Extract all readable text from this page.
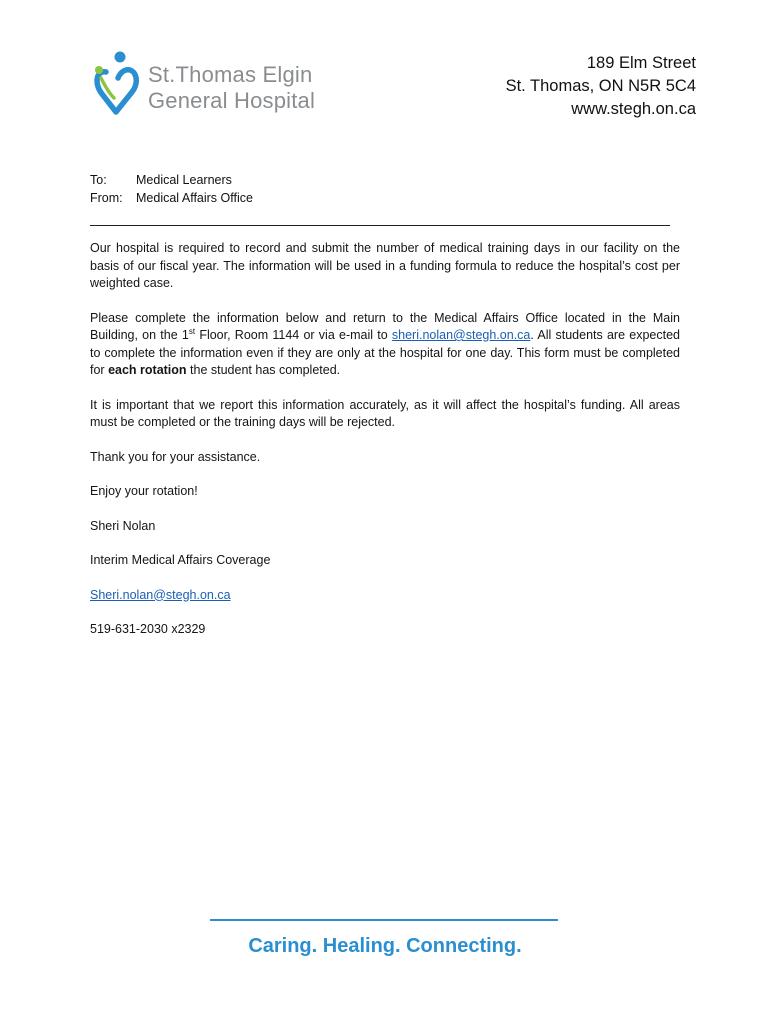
St.Thomas Elgin
General Hospital
189 Elm Street
St. Thomas, ON N5R 5C4
www.stegh.on.ca
To:	Medical Learners
From:	Medical Affairs Office

Our hospital is required to record and submit the number of medical training days in our facility on the basis of our fiscal year. The information will be used in a funding formula to reduce the hospital’s cost per weighted case.

Please complete the information below and return to the Medical Affairs Office located in the Main Building, on the 1st Floor, Room 1144 or via e-mail to sheri.nolan@stegh.on.ca. All students are expected to complete the information even if they are only at the hospital for one day. This form must be completed for each rotation the student has completed.

It is important that we report this information accurately, as it will affect the hospital’s funding. All areas must be completed or the training days will be rejected.

Thank you for your assistance.

Enjoy your rotation!

Sheri Nolan

Interim Medical Affairs Coverage

Sheri.nolan@stegh.on.ca

519-631-2030 x2329

Caring. Healing. Connecting.
